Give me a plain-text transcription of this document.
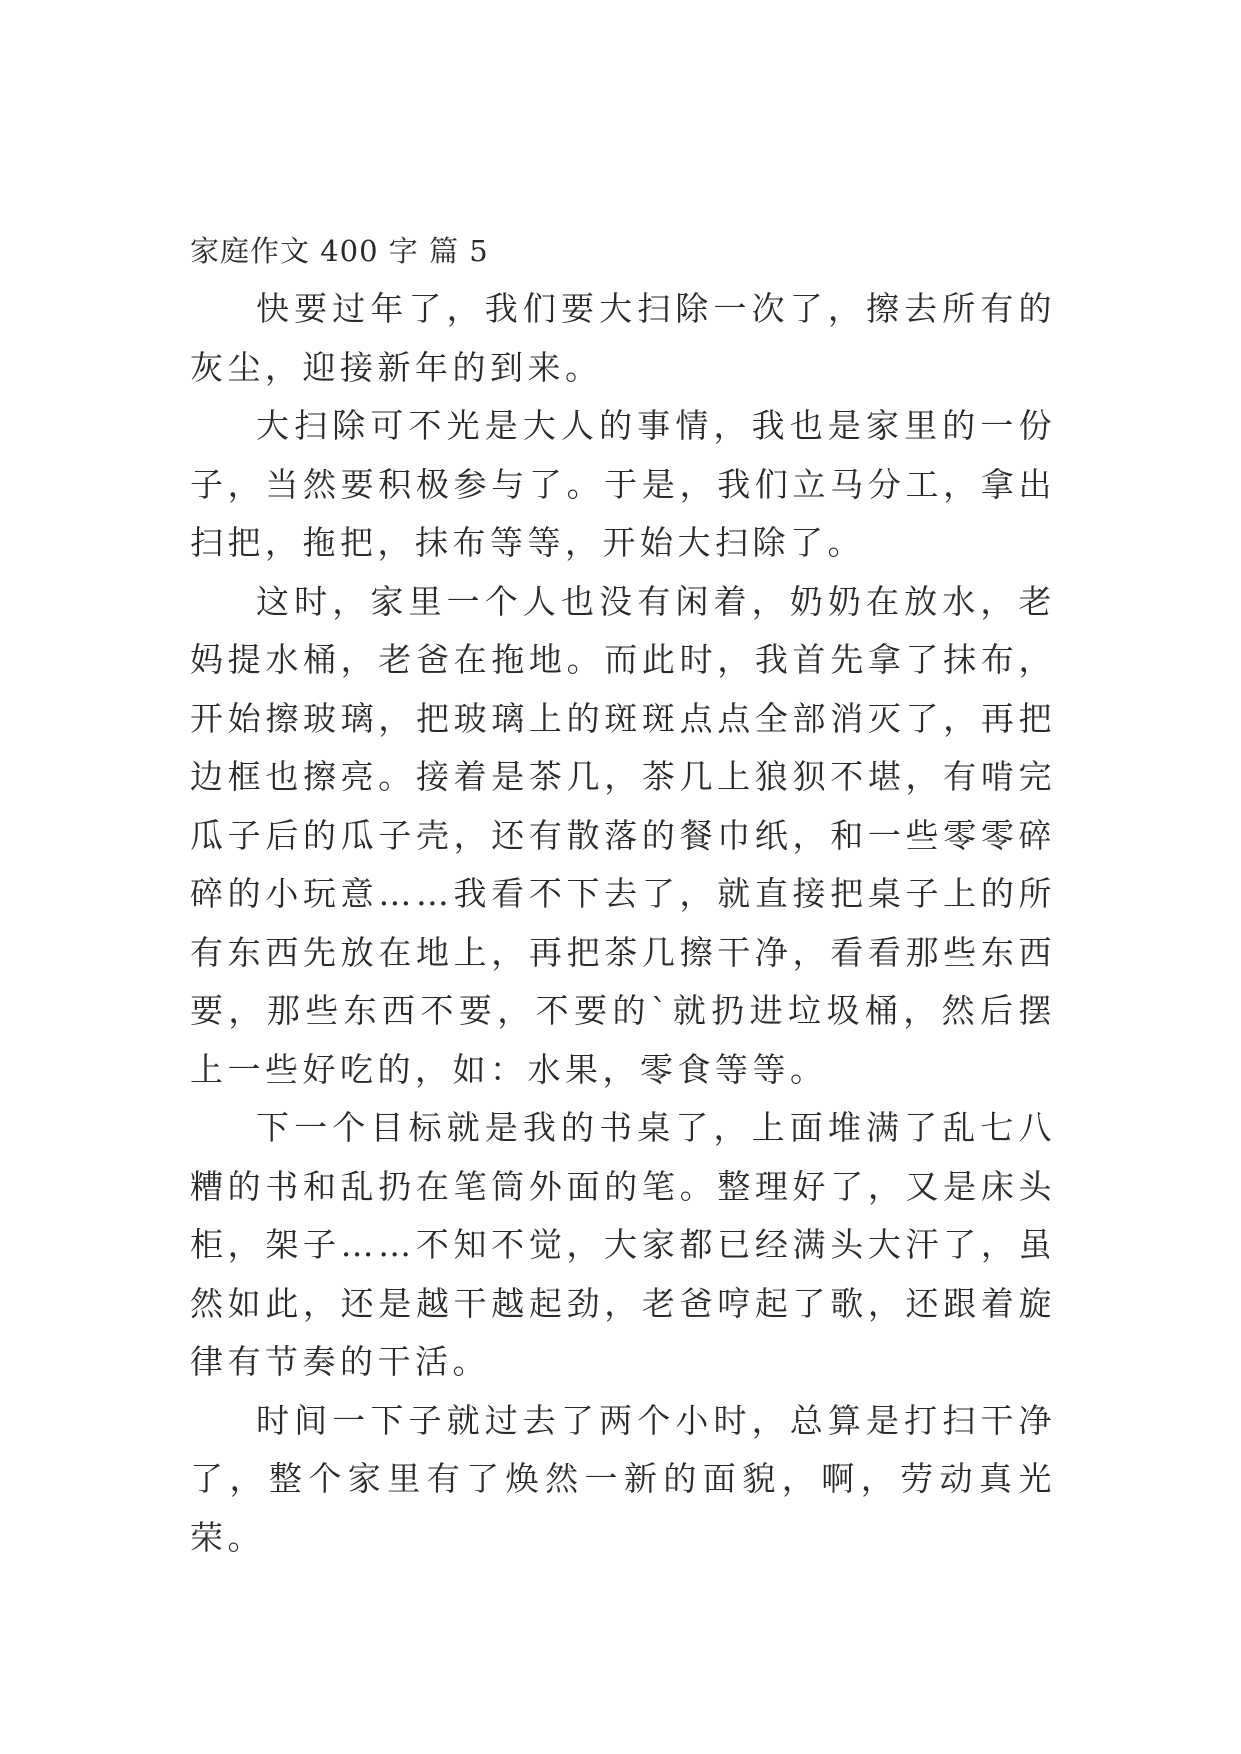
家庭作文 400 字 篇 5

快要过年了，我们要大扫除一次了，擦去所有的灰尘，迎接新年的到来。

大扫除可不光是大人的事情，我也是家里的一份子，当然要积极参与了。于是，我们立马分工，拿出扫把，拖把，抹布等等，开始大扫除了。

这时，家里一个人也没有闲着，奶奶在放水，老妈提水桶，老爸在拖地。而此时，我首先拿了抹布，开始擦玻璃，把玻璃上的斑斑点点全部消灭了，再把边框也擦亮。接着是茶几，茶几上狼狈不堪，有啃完瓜子后的瓜子壳，还有散落的餐巾纸，和一些零零碎碎的小玩意……我看不下去了，就直接把桌子上的所有东西先放在地上，再把茶几擦干净，看看那些东西要，那些东西不要，不要的`就扔进垃圾桶，然后摆上一些好吃的，如：水果，零食等等。

下一个目标就是我的书桌了，上面堆满了乱七八糟的书和乱扔在笔筒外面的笔。整理好了，又是床头柜，架子……不知不觉，大家都已经满头大汗了，虽然如此，还是越干越起劲，老爸哼起了歌，还跟着旋律有节奏的干活。

时间一下子就过去了两个小时，总算是打扫干净了，整个家里有了焕然一新的面貌，啊，劳动真光荣。
